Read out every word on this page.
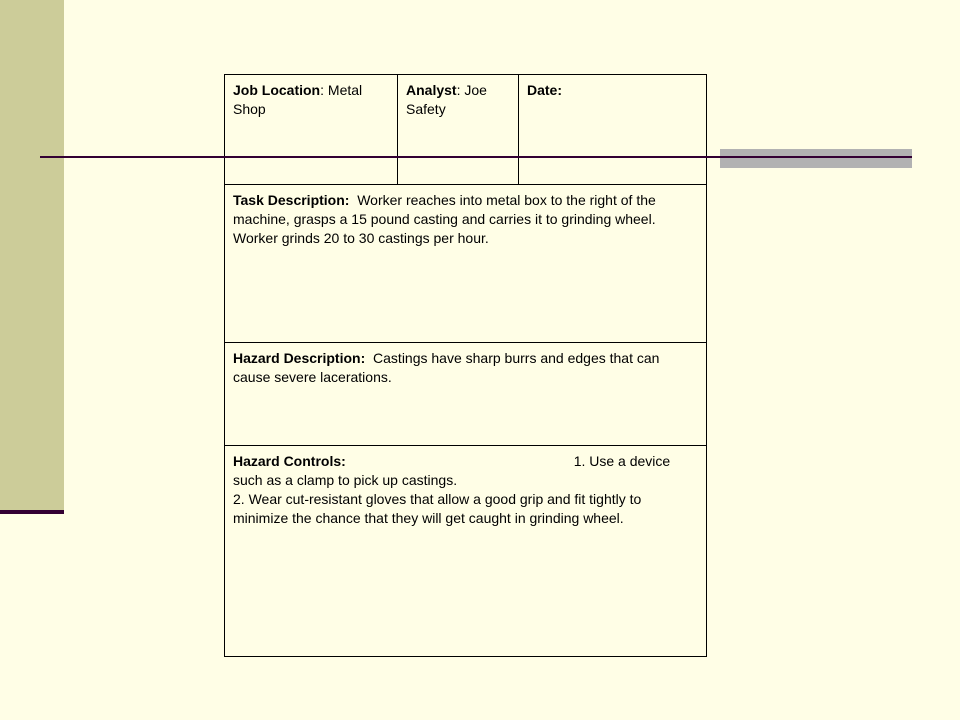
Job Location: Metal Shop	Analyst: Joe Safety	Date:
Task Description:  Worker reaches into metal box to the right of the machine, grasps a 15 pound casting and carries it to grinding wheel.  Worker grinds 20 to 30 castings per hour.
Hazard Description:  Castings have sharp burrs and edges that can cause severe lacerations.

Hazard Controls:	1. Use a device such as a clamp to pick up castings.
2. Wear cut-resistant gloves that allow a good grip and fit tightly to minimize the chance that they will get caught in grinding wheel.
